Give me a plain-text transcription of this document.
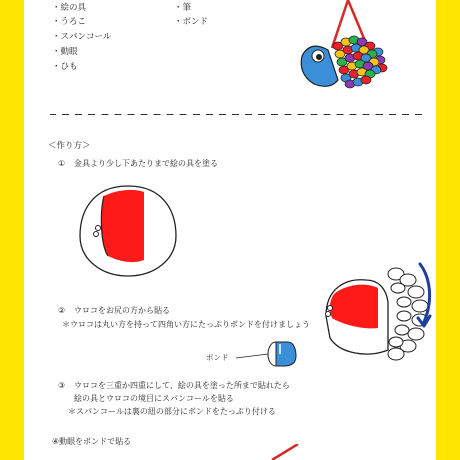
・絵の具
・うろこ
・スパンコール
・動眼
・ひも
・筆
・ボンド
＜作り方＞
① 金具より少し下あたりまで絵の具を塗る
② ウロコをお尻の方から貼る
＊ウロコは丸い方を持って四角い方にたっぷりボンドを付けましょう
ボンド
③ ウロコを三重か四重にして、絵の具を塗った所まで貼れたら
絵の具とウロコの境目にスパンコールを貼る
＊スパンコールは裏の紐の部分にボンドをたっぷり付ける
④動眼をボンドで貼る
